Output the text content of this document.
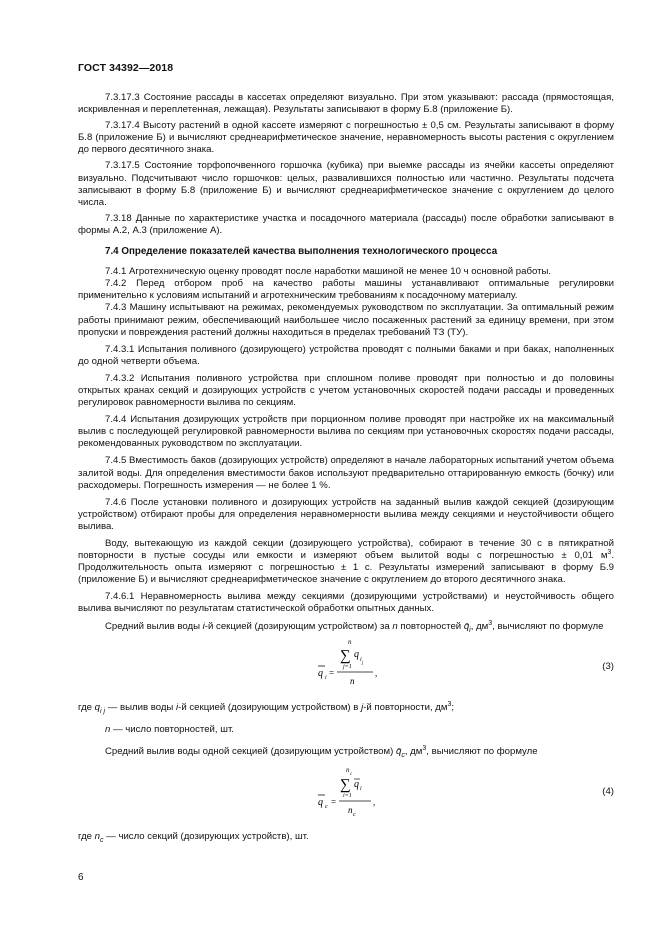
ГОСТ 34392—2018

7.3.17.3 Состояние рассады в кассетах определяют визуально. При этом указывают: рассада (прямостоящая, искривленная и переплетенная, лежащая). Результаты записывают в форму Б.8 (приложение Б).

7.3.17.4 Высоту растений в одной кассете измеряют с погрешностью ± 0,5 см. Результаты записывают в форму Б.8 (приложение Б) и вычисляют среднеарифметическое значение, неравномерность высоты растения с округлением до первого десятичного знака.

7.3.17.5 Состояние торфопочвенного горшочка (кубика) при выемке рассады из ячейки кассеты определяют визуально. Подсчитывают число горшочков: целых, развалившихся полностью или частично. Результаты подсчета записывают в форму Б.8 (приложение Б) и вычисляют среднеарифметическое значение с округлением до целого числа.

7.3.18 Данные по характеристике участка и посадочного материала (рассады) после обработки записывают в формы А.2, А.3 (приложение А).

7.4 Определение показателей качества выполнения технологического процесса

7.4.1 Агротехническую оценку проводят после наработки машиной не менее 10 ч основной работы.

7.4.2 Перед отбором проб на качество работы машины устанавливают оптимальные регулировки применительно к условиям испытаний и агротехническим требованиям к посадочному материалу.

7.4.3 Машину испытывают на режимах, рекомендуемых руководством по эксплуатации. За оптимальный режим работы принимают режим, обеспечивающий наибольшее число посаженных растений за единицу времени, при этом пропуски и повреждения растений должны находиться в пределах требований ТЗ (ТУ).

7.4.3.1 Испытания поливного (дозирующего) устройства проводят с полными баками и при баках, наполненных до одной четверти объема.

7.4.3.2 Испытания поливного устройства при сплошном поливе проводят при полностью и до половины открытых кранах секций и дозирующих устройств с учетом установочных скоростей подачи рассады и проведенных регулировок равномерности вылива по секциям.

7.4.4 Испытания дозирующих устройств при порционном поливе проводят при настройке их на максимальный вылив с последующей регулировкой равномерности вылива по секциям при установочных скоростях подачи рассады, рекомендованных руководством по эксплуатации.

7.4.5 Вместимость баков (дозирующих устройств) определяют в начале лабораторных испытаний учетом объема залитой воды. Для определения вместимости баков используют предварительно оттарированную емкость (бочку) или расходомеры. Погрешность измерения — не более 1 %.

7.4.6 После установки поливного и дозирующих устройств на заданный вылив каждой секцией (дозирующим устройством) отбирают пробы для определения неравномерности вылива между секциями и неустойчивости общего вылива.

Воду, вытекающую из каждой секции (дозирующего устройства), собирают в течение 30 с в пятикратной повторности в пустые сосуды или емкости и измеряют объем вылитой воды с погрешностью ± 0,01 $м^3$. Продолжительность опыта измеряют с погрешностью ± 1 с. Результаты измерений записывают в форму Б.9 (приложение Б) и вычисляют среднеарифметическое значение с округлением до второго десятичного знака.

7.4.6.1 Неравномерность вылива между секциями (дозирующими устройствами) и неустойчивость общего вылива вычисляют по результатам статистической обработки опытных данных.

Средний вылив воды i-й секцией (дозирующим устройством) за n повторностей $q̄_i$, $дм^3$, вычисляют по формуле

n
∑ q i
j
j=1
q i =
n
,
(3)

где $q_{i j}$ — вылив воды i-й секцией (дозирующим устройством) в j-й повторности, $дм^3$;

n — число повторностей, шт.

Средний вылив воды одной секцией (дозирующим устройством) $q̄_c$, $дм^3$, вычисляют по формуле

n
c
∑ q i
i=1
q c =
n c
,
(4)

где $n_c$ — число секций (дозирующих устройств), шт.

6
